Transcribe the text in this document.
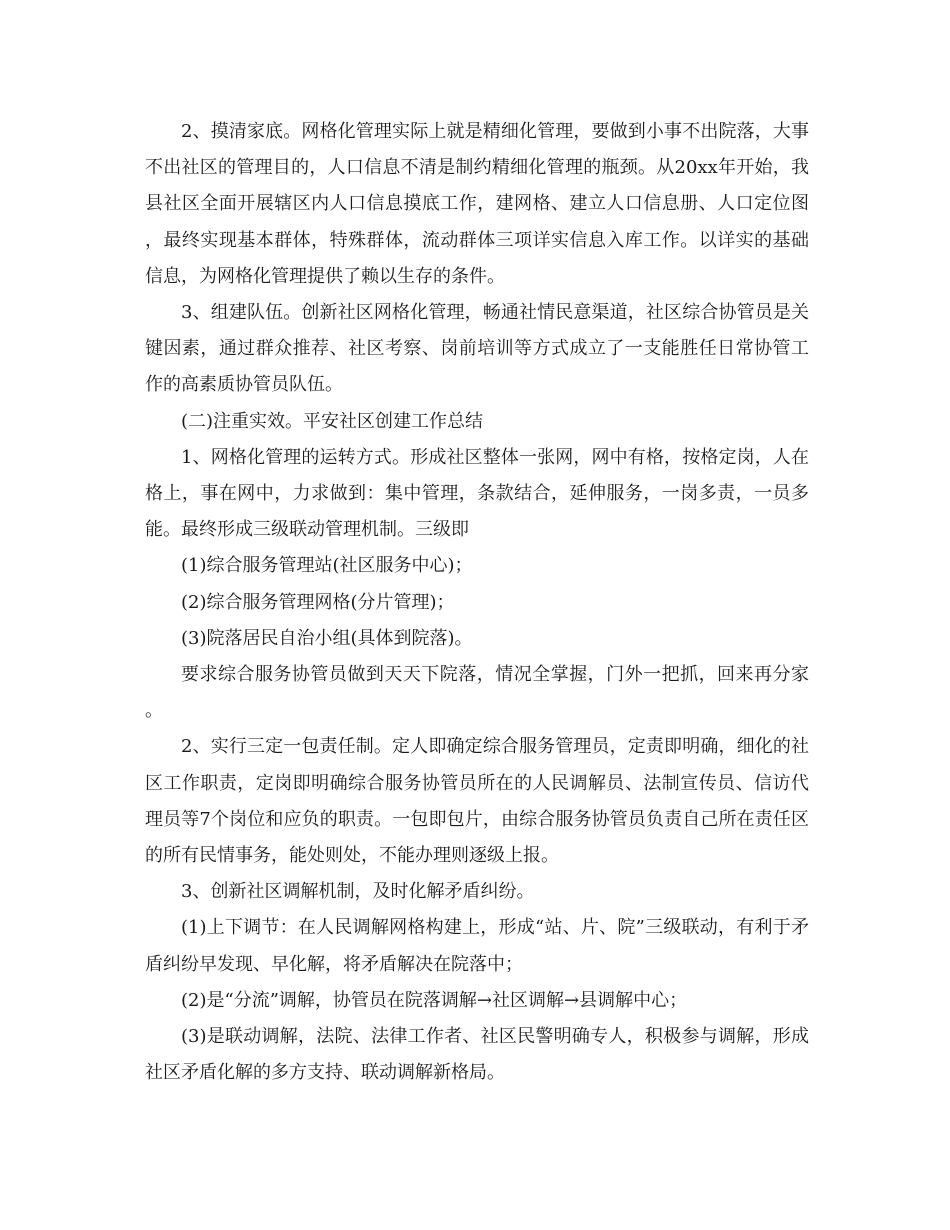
2、摸清家底。网格化管理实际上就是精细化管理，要做到小事不出院落，大事不出社区的管理目的，人口信息不清是制约精细化管理的瓶颈。从20xx年开始，我县社区全面开展辖区内人口信息摸底工作，建网格、建立人口信息册、人口定位图，最终实现基本群体，特殊群体，流动群体三项详实信息入库工作。以详实的基础信息，为网格化管理提供了赖以生存的条件。

3、组建队伍。创新社区网格化管理，畅通社情民意渠道，社区综合协管员是关键因素，通过群众推荐、社区考察、岗前培训等方式成立了一支能胜任日常协管工作的高素质协管员队伍。

(二)注重实效。平安社区创建工作总结

1、网格化管理的运转方式。形成社区整体一张网，网中有格，按格定岗，人在格上，事在网中，力求做到：集中管理，条款结合，延伸服务，一岗多责，一员多能。最终形成三级联动管理机制。三级即

(1)综合服务管理站(社区服务中心)；

(2)综合服务管理网格(分片管理)；

(3)院落居民自治小组(具体到院落)。

要求综合服务协管员做到天天下院落，情况全掌握，门外一把抓，回来再分家。

2、实行三定一包责任制。定人即确定综合服务管理员，定责即明确，细化的社区工作职责，定岗即明确综合服务协管员所在的人民调解员、法制宣传员、信访代理员等7个岗位和应负的职责。一包即包片，由综合服务协管员负责自己所在责任区的所有民情事务，能处则处，不能办理则逐级上报。

3、创新社区调解机制，及时化解矛盾纠纷。

(1)上下调节：在人民调解网格构建上，形成“站、片、院”三级联动，有利于矛盾纠纷早发现、早化解，将矛盾解决在院落中；

(2)是“分流”调解，协管员在院落调解→社区调解→县调解中心；

(3)是联动调解，法院、法律工作者、社区民警明确专人，积极参与调解，形成社区矛盾化解的多方支持、联动调解新格局。
